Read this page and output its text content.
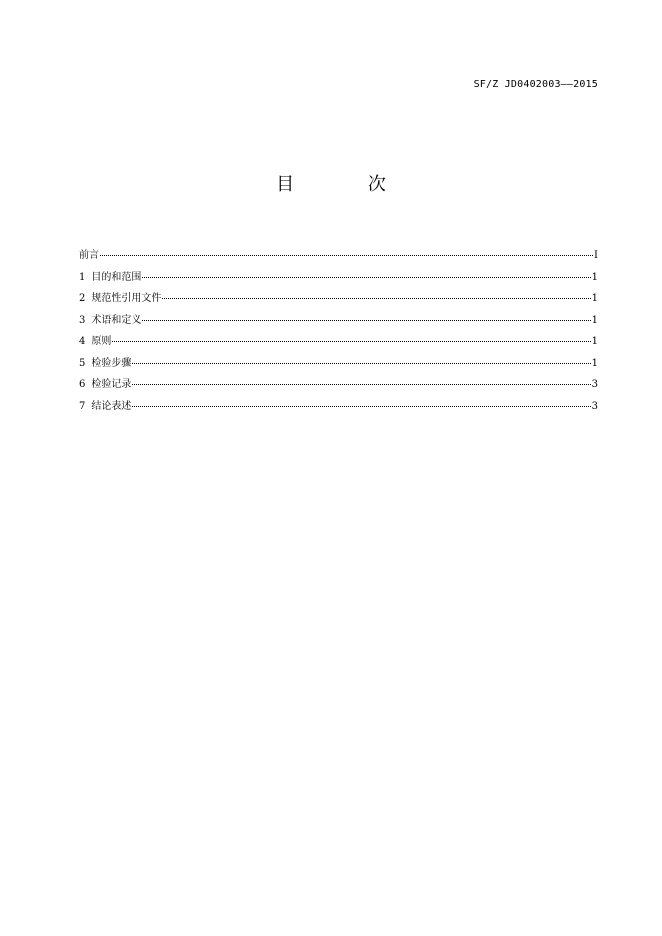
SF/Z JD0402003——2015
目 次
前言	I
1 目的和范围	1
2 规范性引用文件	1
3 术语和定义	1
4 原则	1
5 检验步骤	1
6 检验记录	3
7 结论表述	3
